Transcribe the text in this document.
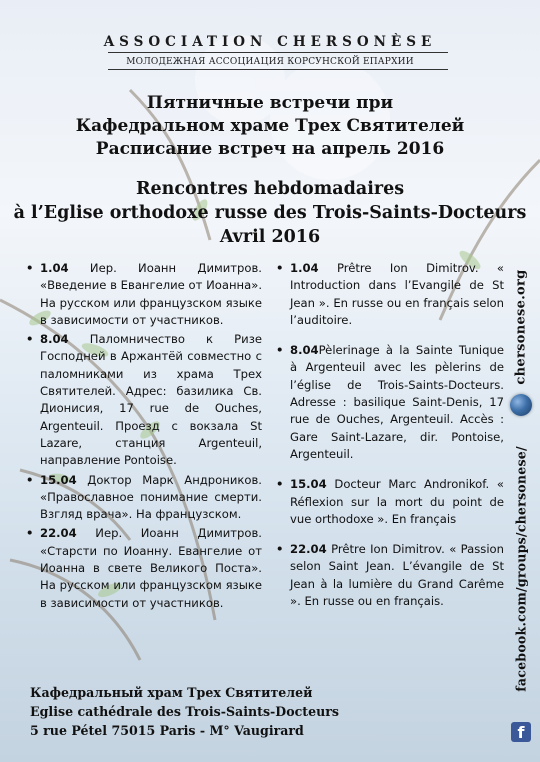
ASSOCIATION CHERSONÈSE
МОЛОДЕЖНАЯ АССОЦИАЦИЯ КОРСУНСКОЙ ЕПАРХИИ
Пятничные встречи при
Кафедральном храме Трех Святителей
Расписание встреч на апрель 2016
Rencontres hebdomadaires
à l’Eglise orthodoxe russe des Trois-Saints-Docteurs
Avril 2016
• 1.04 Иер. Иоанн Димитров. «Введение в Евангелие от Иоанна». На русском или французском языке в зависимости от участников.
• 8.04 Паломничество к Ризе Господней в Аржантёй совместно с паломниками из храма Трех Святителей. Адрес: базилика Св. Дионисия, 17 rue de Ouches, Argenteuil. Проезд с вокзала St Lazare, станция Argenteuil, направление Pontoise.
• 15.04 Доктор Марк Андроников. «Православное понимание смерти. Взгляд врача». На французском.
• 22.04 Иер. Иоанн Димитров. «Старсти по Иоанну. Евангелие от Иоанна в свете Великого Поста». На русском или французском языке в зависимости от участников.
• 1.04 Prêtre Ion Dimitrov. « Introduction dans l’Evangile de St Jean ». En russe ou en français selon l’auditoire.
• 8.04Pèlerinage à la Sainte Tunique à Argenteuil avec les pèlerins de l’église de Trois-Saints-Docteurs. Adresse : basilique Saint-Denis, 17 rue de Ouches, Argenteuil. Accès : Gare Saint-Lazare, dir. Pontoise, Argenteuil.
• 15.04 Docteur Marc Andronikof. « Réflexion sur la mort du point de vue orthodoxe ». En français
• 22.04 Prêtre Ion Dimitrov. « Passion selon Saint Jean. L’évangile de St Jean à la lumière du Grand Carême ». En russe ou en français.
Кафедральный храм Трех Святителей
Eglise cathédrale des Trois-Saints-Docteurs
5 rue Pétel 75015 Paris - M° Vaugirard
chersonese.org
facebook.com/groups/chersonese/
f
